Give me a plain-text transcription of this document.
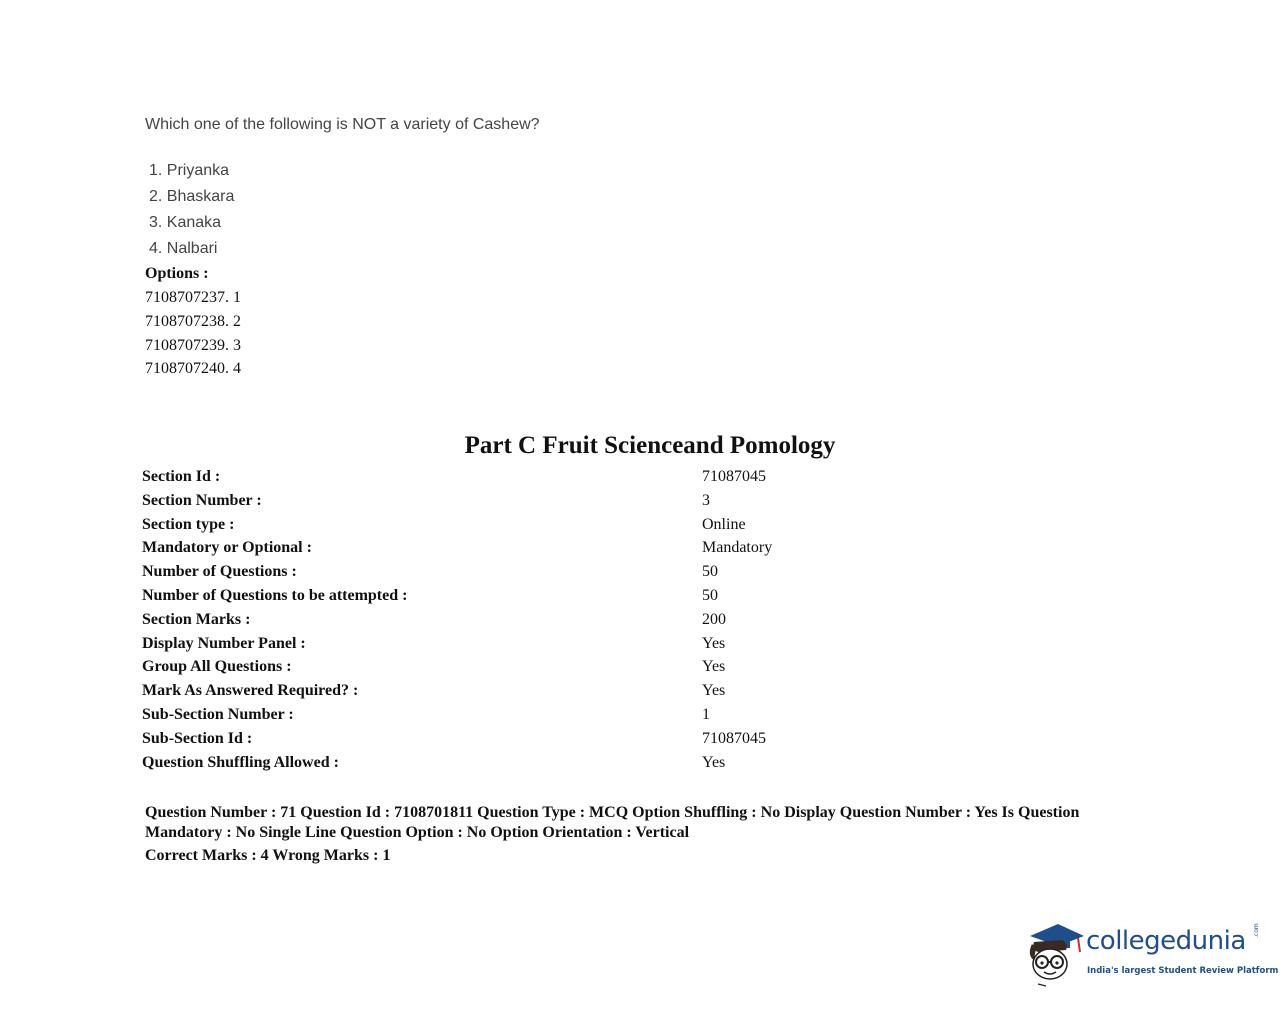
Which one of the following is NOT a variety of Cashew?
1. Priyanka
2. Bhaskara
3. Kanaka
4. Nalbari
Options :
7108707237. 1
7108707238. 2
7108707239. 3
7108707240. 4
Part C Fruit Scienceand Pomology
Section Id :	71087045
Section Number :	3
Section type :	Online
Mandatory or Optional :	Mandatory
Number of Questions :	50
Number of Questions to be attempted :	50
Section Marks :	200
Display Number Panel :	Yes
Group All Questions :	Yes
Mark As Answered Required? :	Yes
Sub-Section Number :	1
Sub-Section Id :	71087045
Question Shuffling Allowed :	Yes
Question Number : 71 Question Id : 7108701811 Question Type : MCQ Option Shuffling : No Display Question Number : Yes Is Question Mandatory : No Single Line Question Option : No Option Orientation : Vertical
Correct Marks : 4 Wrong Marks : 1
collegedunia .com
India's largest Student Review Platform
